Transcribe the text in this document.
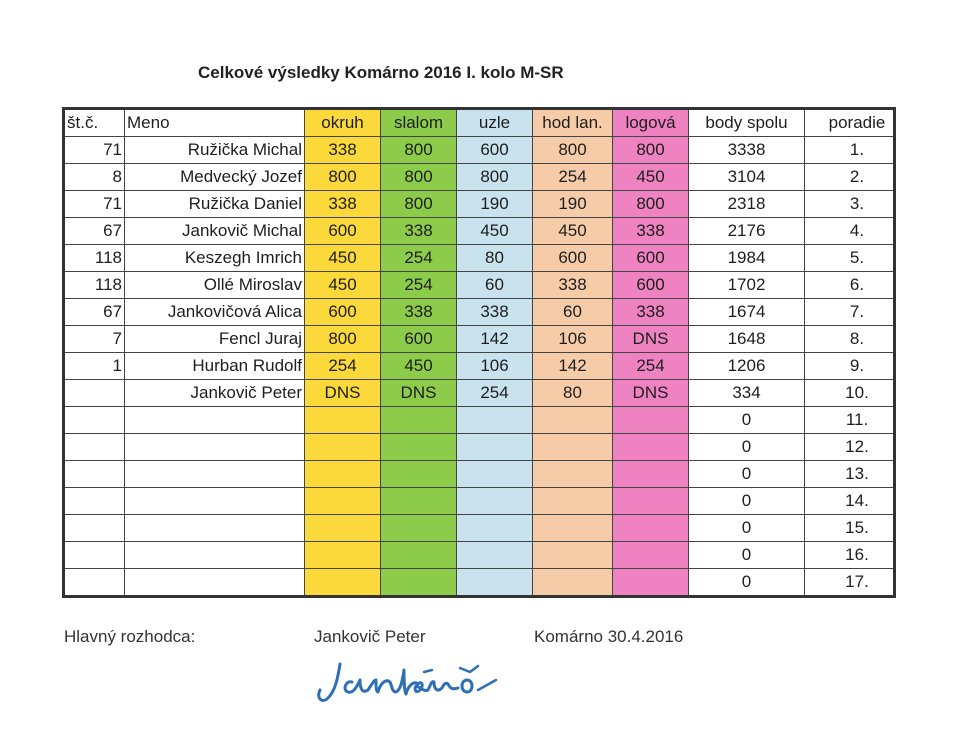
Celkové výsledky Komárno 2016 I. kolo M-SR
št.č.	Meno	okruh	slalom	uzle	hod lan.	logová	body spolu	poradie
71	Ružička Michal	338	800	600	800	800	3338	1.
8	Medvecký Jozef	800	800	800	254	450	3104	2.
71	Ružička Daniel	338	800	190	190	800	2318	3.
67	Jankovič Michal	600	338	450	450	338	2176	4.
118	Keszegh Imrich	450	254	80	600	600	1984	5.
118	Ollé Miroslav	450	254	60	338	600	1702	6.
67	Jankovičová Alica	600	338	338	60	338	1674	7.
7	Fencl Juraj	800	600	142	106	DNS	1648	8.
1	Hurban Rudolf	254	450	106	142	254	1206	9.
	Jankovič Peter	DNS	DNS	254	80	DNS	334	10.
							0	11.
							0	12.
							0	13.
							0	14.
							0	15.
							0	16.
							0	17.
Hlavný rozhodca:	Jankovič Peter	Komárno 30.4.2016
